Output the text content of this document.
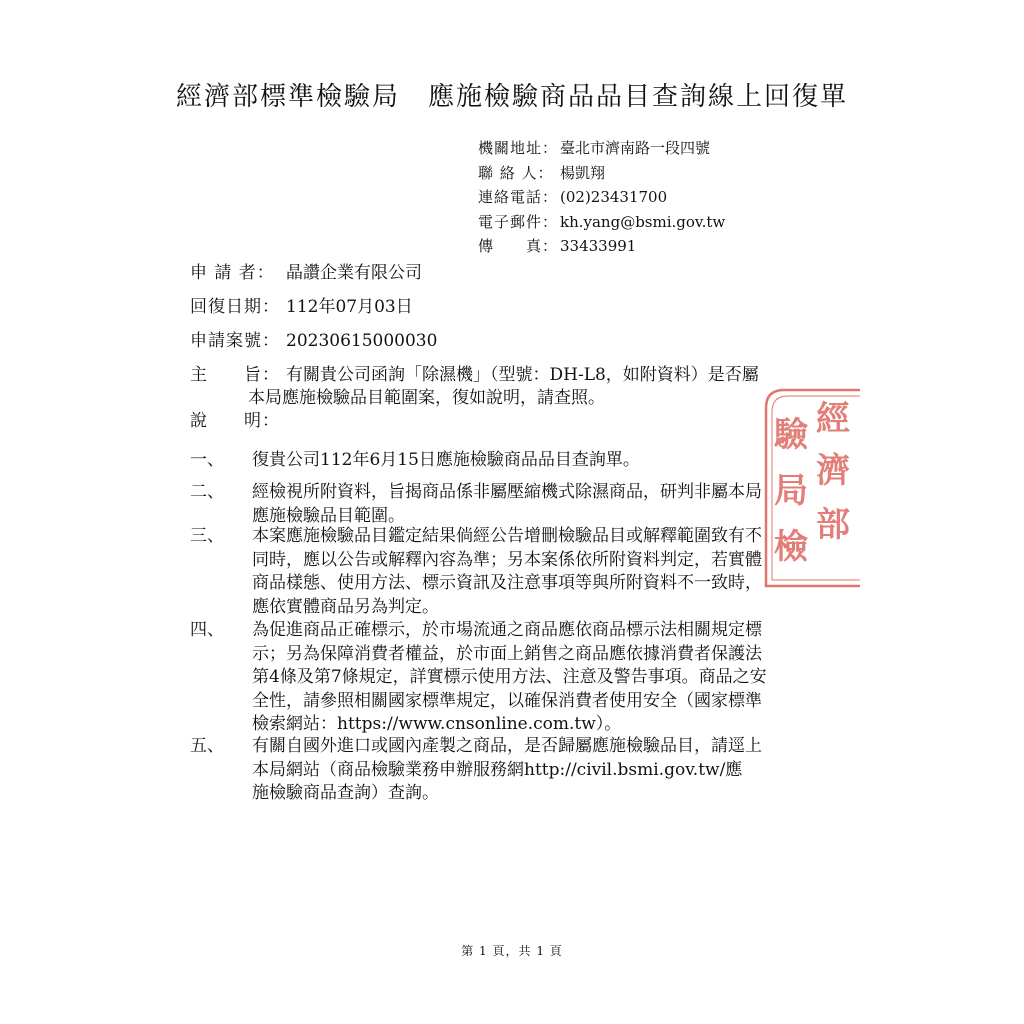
經濟部標準檢驗局 應施檢驗商品品目查詢線上回復單
機關地址： 臺北市濟南路一段四號
聯 絡 人： 楊凱翔
連絡電話： (02)23431700
電子郵件： kh.yang@bsmi.gov.tw
傳　　真： 33433991
申 請 者： 晶讚企業有限公司
回復日期： 112年07月03日
申請案號： 20230615000030
主　　旨： 有關貴公司函詢「除濕機」（型號：DH-L8，如附資料）是否屬
本局應施檢驗品目範圍案，復如說明，請查照。
說　　明：
一、	復貴公司112年6月15日應施檢驗商品品目查詢單。
二、	經檢視所附資料，旨揭商品係非屬壓縮機式除濕商品，研判非屬本局
應施檢驗品目範圍。
三、	本案應施檢驗品目鑑定結果倘經公告增刪檢驗品目或解釋範圍致有不
同時，應以公告或解釋內容為準；另本案係依所附資料判定，若實體
商品樣態、使用方法、標示資訊及注意事項等與所附資料不一致時，
應依實體商品另為判定。
四、	為促進商品正確標示，於市場流通之商品應依商品標示法相關規定標
示；另為保障消費者權益，於市面上銷售之商品應依據消費者保護法
第4條及第7條規定，詳實標示使用方法、注意及警告事項。商品之安
全性，請參照相關國家標準規定，以確保消費者使用安全（國家標準
檢索網站：https://www.cnsonline.com.tw）。
五、	有關自國外進口或國內產製之商品，是否歸屬應施檢驗品目，請逕上
本局網站（商品檢驗業務申辦服務網http://civil.bsmi.gov.tw/應
施檢驗商品查詢）查詢。
經
濟
部
驗
局
檢
第 1 頁，共 1 頁
